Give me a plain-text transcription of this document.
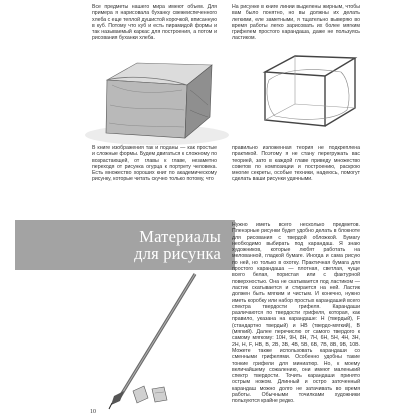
Все предметы нашего мира имеют объем. Для примера я нарисовала буханку свежеиспеченного хлеба с еще теплой душистой корочкой, впиcанную в куб. Потому что куб и есть пирамидой формы и так называемый каркас для построения, а потом и рисования буханки хлеба.

На рисунке в книге линии выделены жирным, чтобы вам было понятно, но вы должны их делать легкими, еле заметными, я тщательно выверяю во время работы легко зарисовать их более мягким грифелем простого карандаша, даже не пользуясь ластиком.

В книге изображения так и поданы — как простые и сложные формы. Будем двигаться к сложному по возрастающей, от главы к главе, незаметно переходя от рисунка огурца к портрету человека. Есть множество хороших книг по академическому рисунку, которые читать скучно только потому, что

правильно изложенная теория не подкреплена практикой. Поэтому я не стану перегружать вас теорией, зато в каждой главе приведу множество советов по композиции и построению, раскрою многие секреты, особые техники, надеюсь, помогут сделать ваши рисунки удачными.

Материалы
для рисунка

Нужно иметь всего несколько предметов. Пленэрные рисунки будет удобно делать в блокноте для рисования с твердой обложкой. Бумагу необходимо выбирать под карандаш. Я знаю художников, которые любят работать на мелованной, гладкой бумаге. Иногда и сама рисую по ней, но только в охотку. Практичная бумага для простого карандаша — плотная, светлая, чуще всего белая, пористая или с фактурной поверхностью. Она не скатывается под ластиком — ластик скатывается и стирается на ней. Ластик должен быть мягким и чистым. И конечно, нужно иметь коробку или набор простых карандашей всего спектра твердости грифеля. Карандаши различаются по твердости грифеля, которая, как правило, указана на карандаше: Н (твердый), F (стандартно твердый) и НВ (твердо-мягкий), В (мягкий). Далее перечислю от самого твердого к самому мягкому: 10Н, 9Н, 8Н, 7Н, 6Н, 5Н, 4Н, 3Н, 2Н, Н, F, НВ, В, 2В, 3В, 4В, 5В, 6В, 7В, 8В, 9В, 10В. Можете также использовать карандаши со сменными грифелями. Особенно удобны такие тонкие грифели для миниатюр. Но, к моему величайшему сожалению, они имеют маленький спектр твердости. Точить карандаши принято острым ножом. Длинный и остро заточенный карандаш можно долго не затачивать во время работы. Обычными точилками художники пользуются крайне редко.

10
